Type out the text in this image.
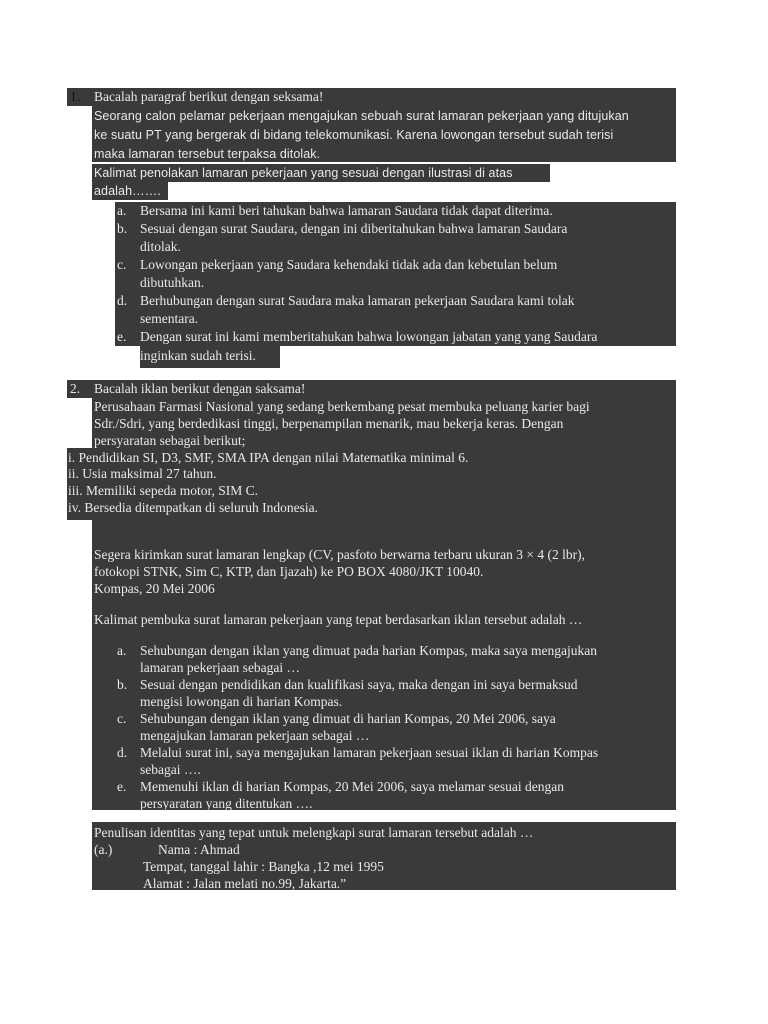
1. Bacalah paragraf berikut dengan seksama!
Seorang calon pelamar pekerjaan mengajukan sebuah surat lamaran pekerjaan yang ditujukan
ke suatu PT yang bergerak di bidang telekomunikasi. Karena lowongan tersebut sudah terisi
maka lamaran tersebut terpaksa ditolak.
Kalimat penolakan lamaran pekerjaan yang sesuai dengan ilustrasi di atas
adalah…….
a. Bersama ini kami beri tahukan bahwa lamaran Saudara tidak dapat diterima.
b. Sesuai dengan surat Saudara, dengan ini diberitahukan bahwa lamaran Saudara
ditolak.
c. Lowongan pekerjaan yang Saudara kehendaki tidak ada dan kebetulan belum
dibutuhkan.
d. Berhubungan dengan surat Saudara maka lamaran pekerjaan Saudara kami tolak
sementara.
e. Dengan surat ini kami memberitahukan bahwa lowongan jabatan yang yang Saudara
inginkan sudah terisi.
2. Bacalah iklan berikut dengan saksama!
Perusahaan Farmasi Nasional yang sedang berkembang pesat membuka peluang karier bagi
Sdr./Sdri, yang berdedikasi tinggi, berpenampilan menarik, mau bekerja keras. Dengan
persyaratan sebagai berikut;
i. Pendidikan SI, D3, SMF, SMA IPA dengan nilai Matematika minimal 6.
ii. Usia maksimal 27 tahun.
iii. Memiliki sepeda motor, SIM C.
iv. Bersedia ditempatkan di seluruh Indonesia.
Segera kirimkan surat lamaran lengkap (CV, pasfoto berwarna terbaru ukuran 3 × 4 (2 lbr),
fotokopi STNK, Sim C, KTP, dan Ijazah) ke PO BOX 4080/JKT 10040.
Kompas, 20 Mei 2006
Kalimat pembuka surat lamaran pekerjaan yang tepat berdasarkan iklan tersebut adalah …
a. Sehubungan dengan iklan yang dimuat pada harian Kompas, maka saya mengajukan
lamaran pekerjaan sebagai …
b. Sesuai dengan pendidikan dan kualifikasi saya, maka dengan ini saya bermaksud
mengisi lowongan di harian Kompas.
c. Sehubungan dengan iklan yang dimuat di harian Kompas, 20 Mei 2006, saya
mengajukan lamaran pekerjaan sebagai …
d. Melalui surat ini, saya mengajukan lamaran pekerjaan sesuai iklan di harian Kompas
sebagai ….
e. Memenuhi iklan di harian Kompas, 20 Mei 2006, saya melamar sesuai dengan
persyaratan yang ditentukan ….
Penulisan identitas yang tepat untuk melengkapi surat lamaran tersebut adalah …
(a.)	Nama : Ahmad
Tempat, tanggal lahir : Bangka ,12 mei 1995
Alamat : Jalan melati no.99, Jakarta.”
